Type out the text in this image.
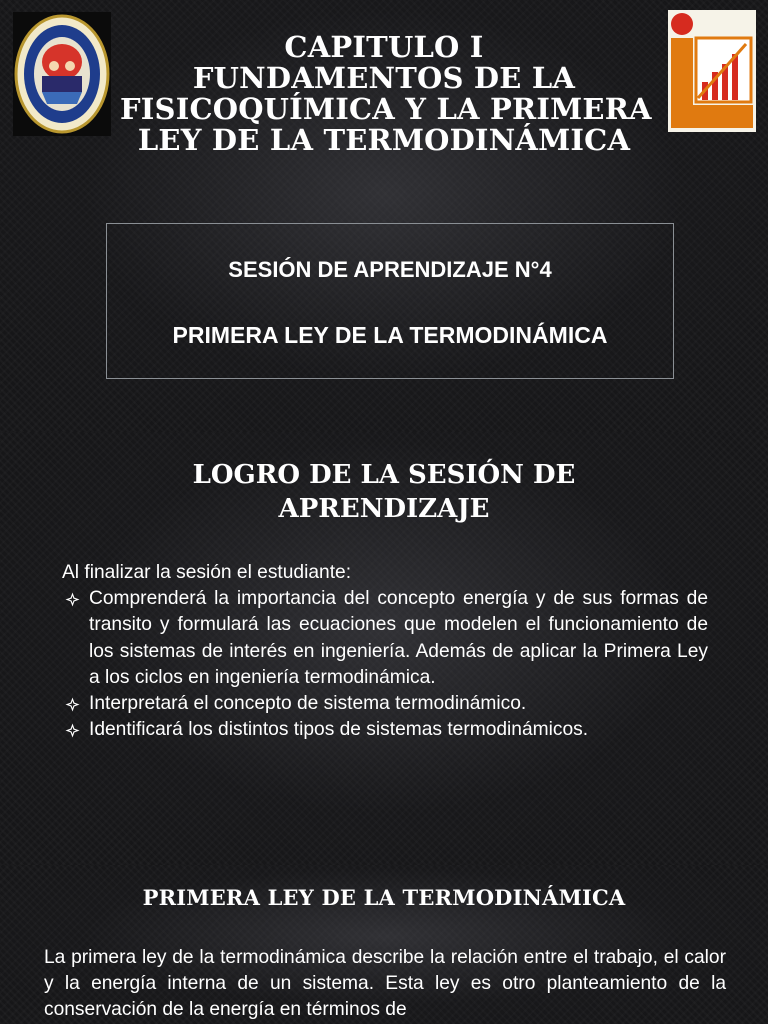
CAPITULO I
FUNDAMENTOS DE LA
FISICOQUÍMICA Y LA PRIMERA
LEY DE LA TERMODINÁMICA
SESIÓN DE APRENDIZAJE N°4
PRIMERA LEY DE LA TERMODINÁMICA
LOGRO DE LA SESIÓN DE
APRENDIZAJE

Al finalizar la sesión el estudiante:

Comprenderá la importancia del concepto energía y de sus formas de transito y formulará las ecuaciones que modelen el funcionamiento de los sistemas de interés en ingeniería. Además de aplicar la Primera Ley a los ciclos en ingeniería termodinámica.
Interpretará el concepto de sistema termodinámico.
Identificará los distintos tipos de sistemas termodinámicos.
PRIMERA LEY DE LA TERMODINÁMICA
La primera ley de la termodinámica describe la relación entre el trabajo, el calor y la energía interna de un sistema. Esta ley es otro planteamiento de la conservación de la energía en términos de
